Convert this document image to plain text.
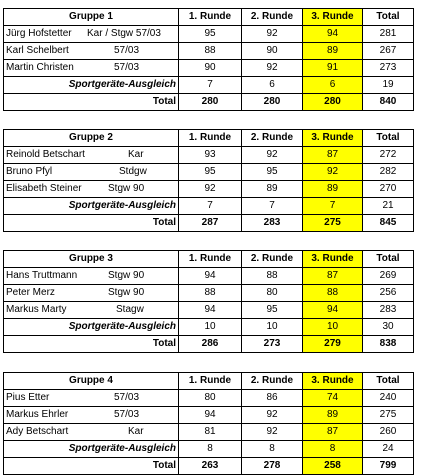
Gruppe 1	1. Runde	2. Runde	3. Runde	Total
Jürg Hofstetter Kar / Stgw 57/03	95	92	94	281
Karl Schelbert 57/03	88	90	89	267
Martin Christen 57/03	90	92	91	273
Sportgeräte-Ausgleich	7	6	6	19
Total	280	280	280	840
Gruppe 2	1. Runde	2. Runde	3. Runde	Total
Reinold Betschart Kar	93	92	87	272
Bruno Pfyl Stdgw	95	95	92	282
Elisabeth Steiner Stgw 90	92	89	89	270
Sportgeräte-Ausgleich	7	7	7	21
Total	287	283	275	845
Gruppe 3	1. Runde	2. Runde	3. Runde	Total
Hans Truttmann Stgw 90	94	88	87	269
Peter Merz Stgw 90	88	80	88	256
Markus Marty Stagw	94	95	94	283
Sportgeräte-Ausgleich	10	10	10	30
Total	286	273	279	838
Gruppe 4	1. Runde	2. Runde	3. Runde	Total
Pius Etter 57/03	80	86	74	240
Markus Ehrler 57/03	94	92	89	275
Ady Betschart Kar	81	92	87	260
Sportgeräte-Ausgleich	8	8	8	24
Total	263	278	258	799
